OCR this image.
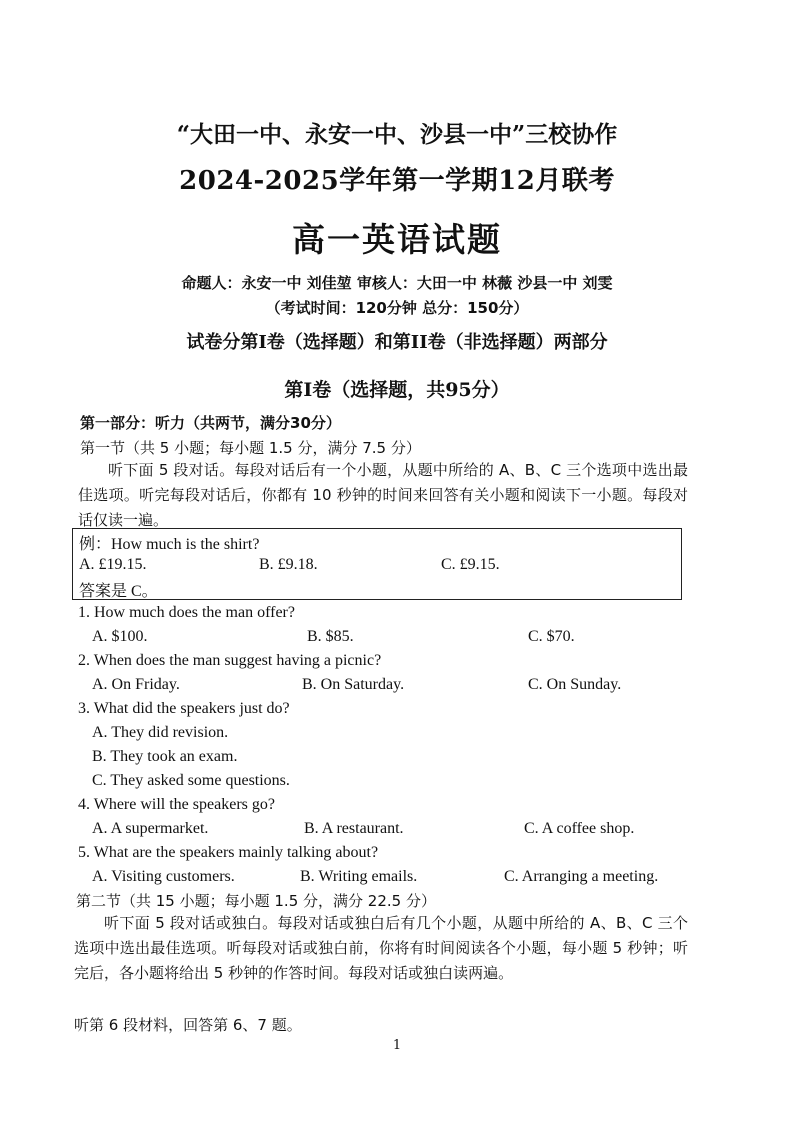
“大田一中、永安一中、沙县一中”三校协作
2024-2025学年第一学期12月联考
高一英语试题
命题人：永安一中 刘佳堃 审核人：大田一中 林薇 沙县一中 刘雯
（考试时间：120分钟 总分：150分）
试卷分第I卷（选择题）和第II卷（非选择题）两部分
第I卷（选择题，共95分）
第一部分：听力（共两节，满分30分）
第一节（共 5 小题；每小题 1.5 分，满分 7.5 分）
听下面 5 段对话。每段对话后有一个小题，从题中所给的 A、B、C 三个选项中选出最佳选项。听完每段对话后，你都有 10 秒钟的时间来回答有关小题和阅读下一小题。每段对话仅读一遍。
例：How much is the shirt?
A. £19.15.	B. £9.18.	C. £9.15.
答案是 C。
1. How much does the man offer?
A. $100.	B. $85.	C. $70.
2. When does the man suggest having a picnic?
A. On Friday.	B. On Saturday.	C. On Sunday.
3. What did the speakers just do?
A. They did revision.
B. They took an exam.
C. They asked some questions.
4. Where will the speakers go?
A. A supermarket.	B. A restaurant.	C. A coffee shop.
5. What are the speakers mainly talking about?
A. Visiting customers.	B. Writing emails.	C. Arranging a meeting.
第二节（共 15 小题；每小题 1.5 分，满分 22.5 分）
听下面 5 段对话或独白。每段对话或独白后有几个小题，从题中所给的 A、B、C 三个选项中选出最佳选项。听每段对话或独白前，你将有时间阅读各个小题，每小题 5 秒钟；听完后，各小题将给出 5 秒钟的作答时间。每段对话或独白读两遍。
听第 6 段材料，回答第 6、7 题。
1
